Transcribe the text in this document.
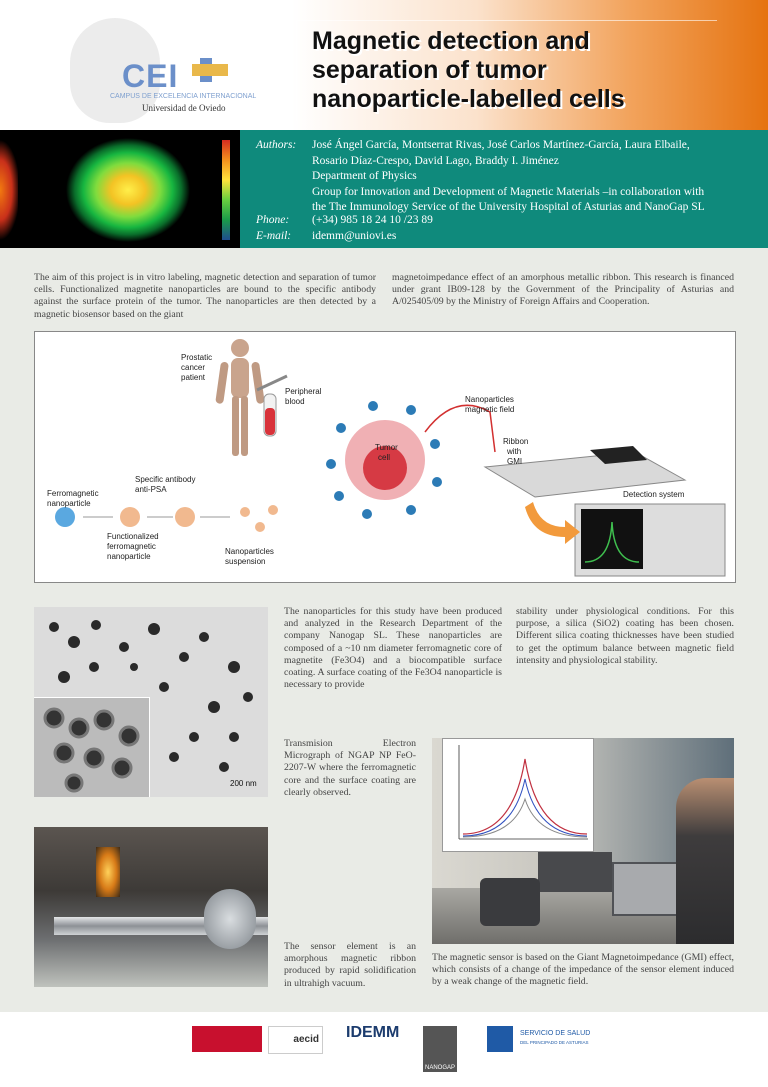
CEI
CAMPUS DE EXCELENCIA INTERNACIONAL
Universidad de Oviedo
Magnetic detection and
separation of tumor
nanoparticle-labelled cells
Authors: José Ángel García, Montserrat Rivas, José Carlos Martínez-García, Laura Elbaile,
Rosario Díaz-Crespo, David Lago, Braddy I. Jiménez
Department of Physics
Group for Innovation and Development of Magnetic Materials –in collaboration with
the The Immunology Service of the University Hospital of Asturias and NanoGap SL
Phone: (+34) 985 18 24 10 /23 89
E-mail: idemm@uniovi.es
The aim of this project is in vitro labeling, magnetic detection and separation of tumor cells. Functionalized magnetite nanoparticles are bound to the specific antibody against the surface protein of the tumor. The nanoparticles are then detected by a magnetic biosensor based on the giant
magnetoimpedance effect of an amorphous metallic ribbon. This research is financed under grant IB09-128 by the Government of the Principality of Asturias and A/025405/09 by the Ministry of Foreign Affairs and Cooperation.
Prostatic
cancer
patient
Peripheral
blood	Nanoparticles
magnetic field
Tumor
cell
Ribbon
with
GMI
Ferromagnetic
nanoparticle
Specific antibody
anti-PSA
Functionalized
ferromagnetic
nanoparticle
Nanoparticles
suspension
Detection system
200 nm
The nanoparticles for this study have been produced and analyzed in the Research Department of the company Nanogap SL. These nanoparticles are composed of a ~10 nm diameter ferromagnetic core of magnetite (Fe3O4) and a biocompatible surface coating. A surface coating of the Fe3O4 nanoparticle is necessary to provide
stability under physiological conditions. For this purpose, a silica (SiO2) coating has been chosen. Different silica coating thicknesses have been studied to get the optimum balance between magnetic field intensity and physiological stability.
Transmision Electron Micrograph of NGAP NP FeO-2207-W where the ferromagnetic core and the surface coating are clearly observed.
The sensor element is an amorphous magnetic ribbon produced by rapid solidification in ultrahigh vacuum.
The magnetic sensor is based on the Giant Magnetoimpedance (GMI) effect, which consists of a change of the impedance of the sensor element induced by a weak change of the magnetic field.
aecid IDEMM
NANOGAP
SERVICIO DE SALUD
DEL PRINCIPADO DE ASTURIAS
